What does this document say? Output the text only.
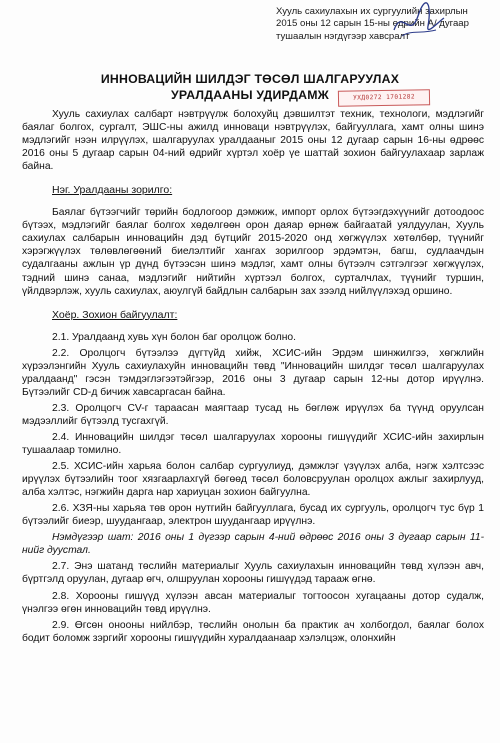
Хууль сахиулахын их сургуулийн захирлын
2015 оны 12 сарын 15-ны өдрийн А/ дугаар
тушаалын нэгдүгээр хавсралт
УХД0272 1701282
ИННОВАЦИЙН ШИЛДЭГ ТӨСӨЛ ШАЛГАРУУЛАХ
УРАЛДААНЫ УДИРДАМЖ

Хууль сахиулах салбарт нэвтрүүлж болохуйц дэвшилтэт техник, технологи, мэдлэгийг баялаг болгох, сургалт, ЭШС-ны ажилд инноваци нэвтрүүлэх, байгууллага, хамт олны шинэ мэдлэгийг нээн илрүүлэх, шалгаруулах уралдааныг 2015 оны 12 дугаар сарын 16-ны өдрөөс 2016 оны 5 дугаар сарын 04-ний өдрийг хүртэл хоёр үе шаттай зохион байгуулахаар зарлаж байна.

Нэг. Уралдааны зорилго:

Баялаг бүтээгчийг төрийн бодлогоор дэмжиж, импорт орлох бүтээгдэхүүнийг дотоодоос бүтээх, мэдлэгийг баялаг болгох хөдөлгөөн орон даяар өрнөж байгаатай уялдуулан, Хууль сахиулах салбарын инновацийн дэд бүтцийг 2015-2020 онд хөгжүүлэх хөтөлбөр, түүнийг хэрэгжүүлэх төлөвлөгөөний биелэлтийг хангах зорилгоор эрдэмтэн, багш, судлаачдын судалгааны ажлын үр дүнд бүтээсэн шинэ мэдлэг, хамт олны бүтээлч сэтгэлгээг хөгжүүлэх, тэдний шинэ санаа, мэдлэгийг нийтийн хүртээл болгох, сурталчлах, түүнийг туршин, үйлдвэрлэж, хууль сахиулах, аюулгүй байдлын салбарын зах зээлд нийлүүлэхэд оршино.

Хоёр. Зохион байгуулалт:

2.1. Уралдаанд хувь хүн болон баг оролцож болно.

2.2. Оролцогч бүтээлээ дүгтүйд хийж, ХСИС-ийн Эрдэм шинжилгээ, хөгжлийн хүрээлэнгийн Хууль сахиулахуйн инновацийн төвд "Инновацийн шилдэг төсөл шалгаруулах уралдаанд" гэсэн тэмдэглэгээтэйгээр, 2016 оны 3 дугаар сарын 12-ны дотор ирүүлнэ. Бүтээлийг CD-д бичиж хавсаргасан байна.

2.3. Оролцогч CV-г тараасан маягтаар тусад нь бөглөж ирүүлэх ба түүнд оруулсан мэдээллийг бүтээлд тусгахгүй.

2.4. Инновацийн шилдэг төсөл шалгаруулах хорооны гишүүдийг ХСИС-ийн захирлын тушаалаар томилно.

2.5. ХСИС-ийн харьяа болон салбар сургуулиуд, дэмжлэг үзүүлэх алба, нэгж хэлтсээс ирүүлэх бүтээлийн тоог хязгаарлахгүй бөгөөд төсөл боловсруулан оролцох ажлыг захирлууд, алба хэлтэс, нэгжийн дарга нар хариуцан зохион байгуулна.

2.6. ХЗЯ-ны харьяа төв орон нутгийн байгууллага, бусад их сургууль, оролцогч тус бүр 1 бүтээлийг биеэр, шуудангаар, электрон шуудангаар ирүүлнэ.

Нэмдүгээр шат: 2016 оны 1 дүгээр сарын 4-ний өдрөөс 2016 оны 3 дугаар сарын 11-нийг дуустал.

2.7. Энэ шатанд төслийн материалыг Хууль сахиулахын инновацийн төвд хүлээн авч, бүртгэлд оруулан, дугаар өгч, олшруулан хорооны гишүүдэд тарааж өгнө.

2.8. Хорооны гишүүд хүлээн авсан материалыг тогтоосон хугацааны дотор судалж, үнэлгээ өгөн инновацийн төвд ирүүлнэ.

2.9. Өгсөн онооны нийлбэр, төслийн онолын ба практик ач холбогдол, баялаг болох бодит боломж зэргийг хорооны гишүүдийн хуралдаанаар хэлэлцэж, олонхийн
